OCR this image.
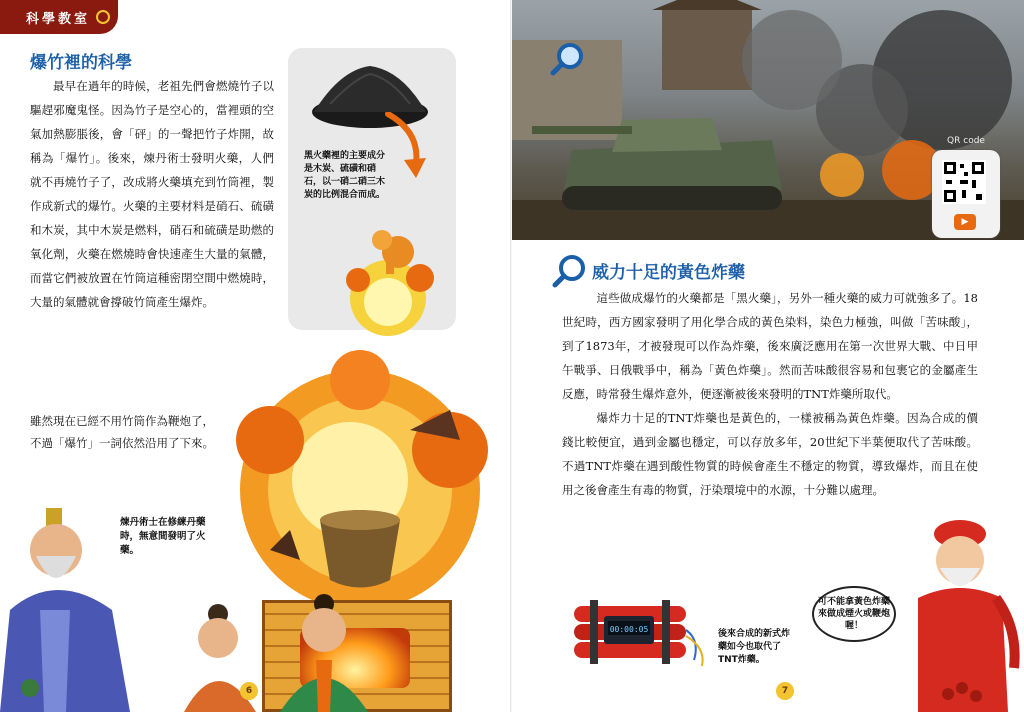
科學教室
爆竹裡的科學

最早在過年的時候，老祖先們會燃燒竹子以驅趕邪魔鬼怪。因為竹子是空心的，當裡頭的空氣加熱膨脹後，會「砰」的一聲把竹子炸開，故稱為「爆竹」。後來，煉丹術士發明火藥，人們就不再燒竹子了，改成將火藥填充到竹筒裡，製作成新式的爆竹。火藥的主要材料是硝石、硫磺和木炭，其中木炭是燃料，硝石和硫磺是助燃的氧化劑，火藥在燃燒時會快速產生大量的氣體，而當它們被放置在竹筒這種密閉空間中燃燒時，大量的氣體就會撐破竹筒產生爆炸。

雖然現在已經不用竹筒作為鞭炮了，不過「爆竹」一詞依然沿用了下來。
黑火藥裡的主要成分是木炭、硫磺和硝石，以一硝二硝三木炭的比例混合而成。
煉丹術士在修練丹藥時，無意間發明了火藥。
6
QR code
▶
威力十足的黃色炸藥

這些做成爆竹的火藥都是「黑火藥」，另外一種火藥的威力可就強多了。18世紀時，西方國家發明了用化學合成的黃色染料，染色力極強，叫做「苦味酸」，到了1873年，才被發現可以作為炸藥，後來廣泛應用在第一次世界大戰、中日甲午戰爭、日俄戰爭中，稱為「黃色炸藥」。然而苦味酸很容易和包裹它的金屬產生反應，時常發生爆炸意外，便逐漸被後來發明的TNT炸藥所取代。

爆炸力十足的TNT炸藥也是黃色的，一樣被稱為黃色炸藥。因為合成的價錢比較便宜，過到金屬也穩定，可以存放多年，20世紀下半葉便取代了苦味酸。不過TNT炸藥在遇到酸性物質的時候會產生不穩定的物質，導致爆炸，而且在使用之後會產生有毒的物質，汙染環境中的水源，十分難以處理。

00:00:05	後來合成的新式炸藥如今也取代了TNT炸藥。
可不能拿黃色炸藥來做成煙火或鞭炮喔！
7
